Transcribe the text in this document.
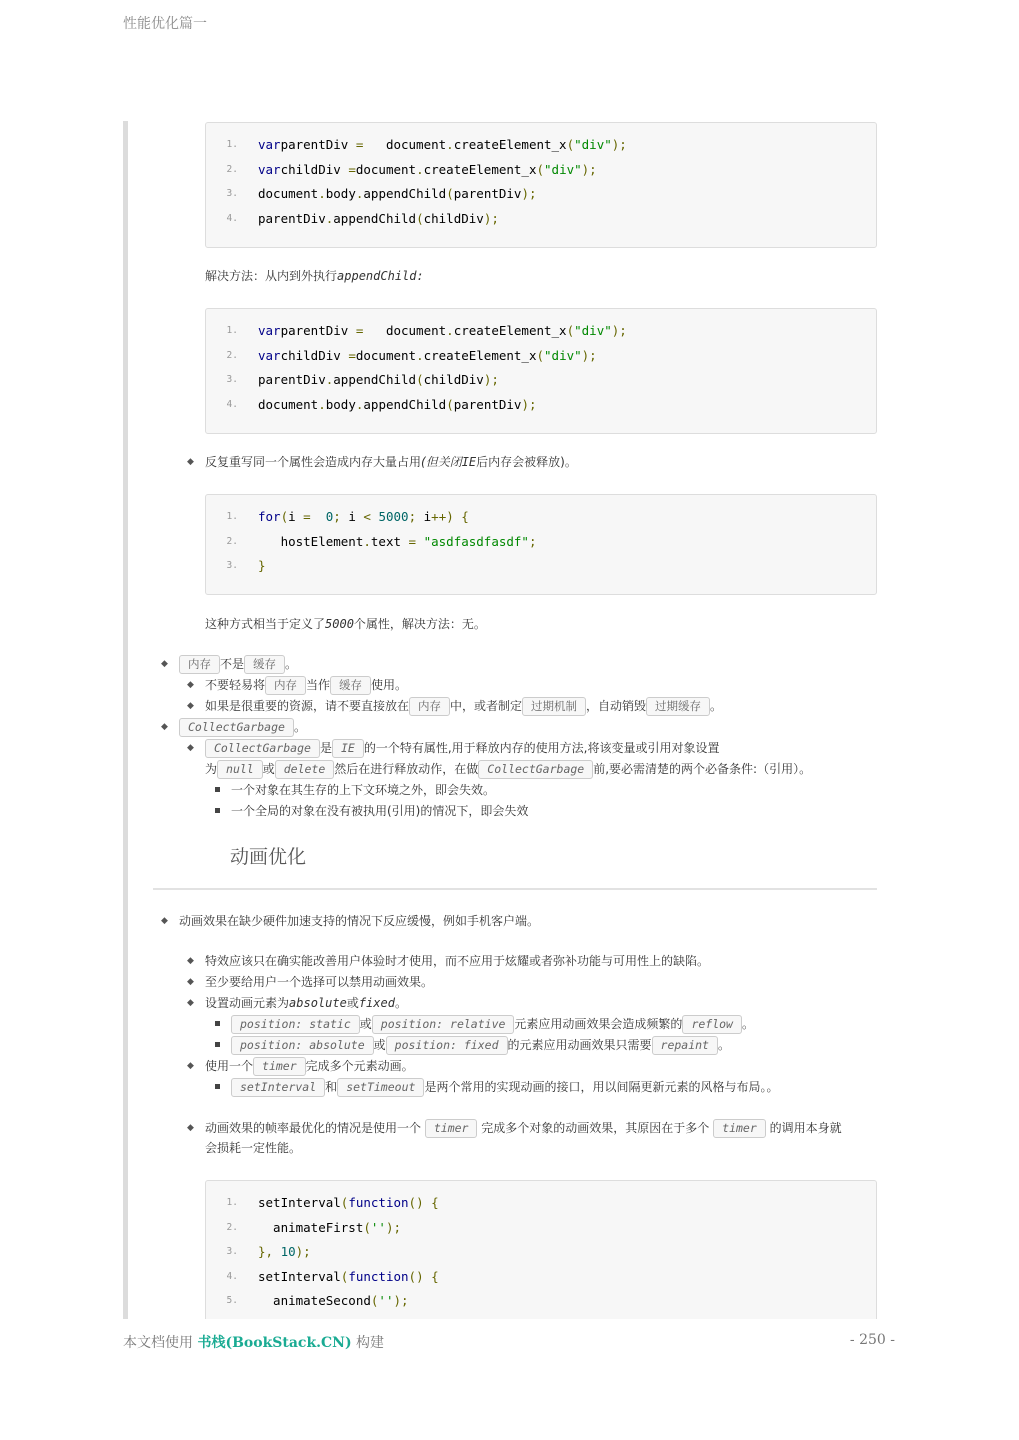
性能优化篇一
1. varparentDiv =   document.createElement_x("div");
2. varchildDiv =document.createElement_x("div");
3. document.body.appendChild(parentDiv);
4. parentDiv.appendChild(childDiv);
解决方法：从内到外执行appendChild:
1. varparentDiv =   document.createElement_x("div");
2. varchildDiv =document.createElement_x("div");
3. parentDiv.appendChild(childDiv);
4. document.body.appendChild(parentDiv);
◆ 反复重写同一个属性会造成内存大量占用(但关闭IE后内存会被释放)。
1. for(i = 0; i < 5000; i++) {
2. hostElement.text = "asdfasdfasdf";
3. }
这种方式相当于定义了5000个属性，解决方法：无。
◆	内存 不是 缓存 。
◆ 不要轻易将 内存 当作 缓存 使用。
◆ 如果是很重要的资源，请不要直接放在 内存 中，或者制定 过期机制 ，自动销毁 过期缓存 。
◆	CollectGarbage 。
◆	CollectGarbage 是 IE 的一个特有属性,用于释放内存的使用方法,将该变量或引用对象设置
为 null 或 delete 然后在进行释放动作，在做 CollectGarbage 前,要必需清楚的两个必备条件:（引用）。
一个对象在其生存的上下文环境之外，即会失效。
一个全局的对象在没有被执用(引用)的情况下，即会失效
动画优化
◆ 动画效果在缺少硬件加速支持的情况下反应缓慢，例如手机客户端。
◆ 特效应该只在确实能改善用户体验时才使用，而不应用于炫耀或者弥补功能与可用性上的缺陷。
◆ 至少要给用户一个选择可以禁用动画效果。
◆ 设置动画元素为absolute或fixed。
position: static 或 position: relative 元素应用动画效果会造成频繁的 reflow 。
position: absolute 或 position: fixed 的元素应用动画效果只需要 repaint 。
◆ 使用一个 timer 完成多个元素动画。
setInterval 和 setTimeout 是两个常用的实现动画的接口，用以间隔更新元素的风格与布局。。
◆ 动画效果的帧率最优化的情况是使用一个 timer 完成多个对象的动画效果，其原因在于多个 timer 的调用本身就
会损耗一定性能。
1. setInterval(function() {
2. animateFirst('');
3. }, 10);
4. setInterval(function() {
5. animateSecond('');
本文档使用 书栈(BookStack.CN) 构建	- 250 -
